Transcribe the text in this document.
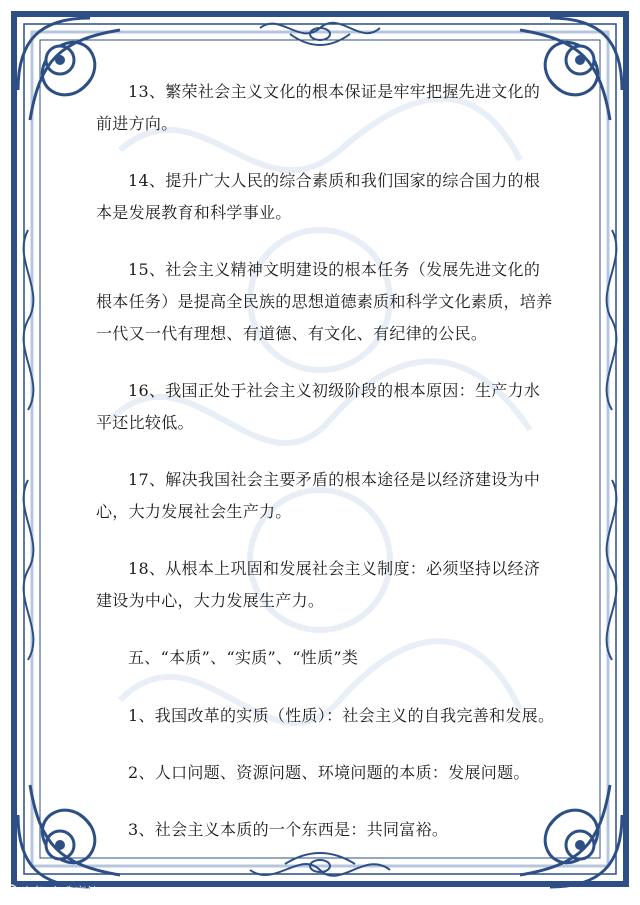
13、繁荣社会主义文化的根本保证是牢牢把握先进文化的前进方向。

14、提升广大人民的综合素质和我们国家的综合国力的根本是发展教育和科学事业。

15、社会主义精神文明建设的根本任务（发展先进文化的根本任务）是提高全民族的思想道德素质和科学文化素质，培养一代又一代有理想、有道德、有文化、有纪律的公民。

16、我国正处于社会主义初级阶段的根本原因：生产力水平还比较低。

17、解决我国社会主要矛盾的根本途径是以经济建设为中心，大力发展社会生产力。

18、从根本上巩固和发展社会主义制度：必须坚持以经济建设为中心，大力发展生产力。

五、“本质”、“实质”、“性质”类

1、我国改革的实质（性质）：社会主义的自我完善和发展。

2、人口问题、资源问题、环境问题的本质：发展问题。

3、社会主义本质的一个东西是：共同富裕。

头条 大政商编
